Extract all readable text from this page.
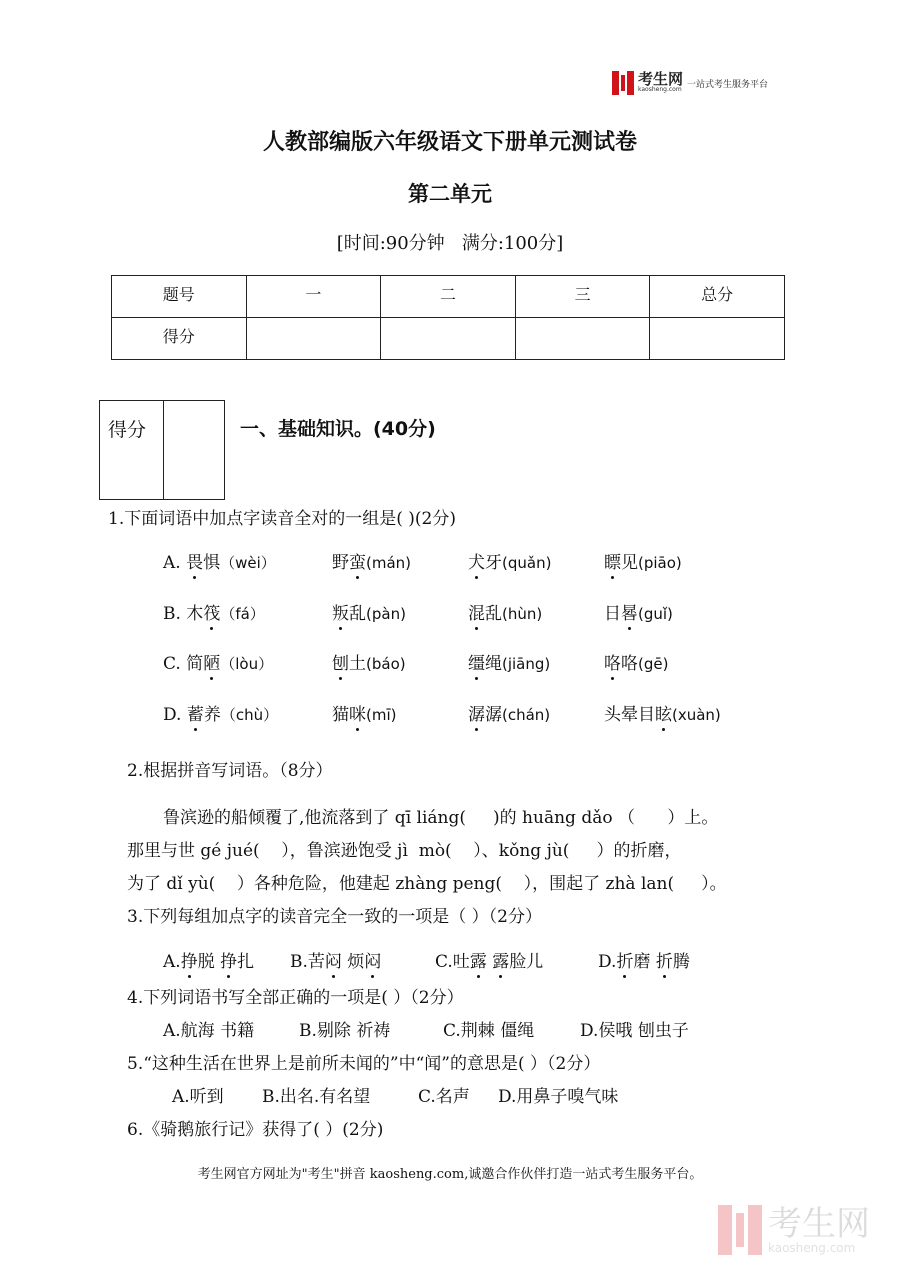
考生网
kaosheng.com 一站式考生服务平台
人教部编版六年级语文下册单元测试卷
第二单元
[时间:90分钟   满分:100分]
题号	一	二	三	总分
得分				
得分	一、基础知识。(40分)
1.下面词语中加点字读音全对的一组是( )(2分)
A. 畏惧（wèi）	野蛮(mán)	犬牙(quǎn)	瞟见(piāo)
B. 木筏（fá）	叛乱(pàn)	混乱(hùn)	日晷(guǐ)
C. 简陋（lòu）	刨土(báo)	缰绳(jiāng)	咯咯(gē)
D. 蓄养（chù）	猫咪(mī)	潺潺(chán)	头晕目眩(xuàn)
2.根据拼音写词语。（8分）
鲁滨逊的船倾覆了,他流落到了 qī liáng(     )的 huāng dǎo （      ）上。
那里与世 gé jué(    ），鲁滨逊饱受 jì  mò(    ）、kǒng jù(     ）的折磨，
为了 dǐ yù(    ）各种危险，他建起 zhàng peng(    ），围起了 zhà lan(     ）。
3.下列每组加点字的读音完全一致的一项是（ ）（2分）
A.挣脱 挣扎 B.苦闷 烦闷	C.吐露 露脸儿	D.折磨 折腾
4.下列词语书写全部正确的一项是( ）（2分）
A.航海 书籍	B.剔除 祈祷	C.荆棘 僵绳	D.侯哦 刨虫子
5.“这种生活在世界上是前所未闻的”中“闻”的意思是( ）（2分）
A.听到 B.出名.有名望	C.名声 D.用鼻子嗅气味
6.《骑鹅旅行记》获得了( ）(2分)
考生网官方网址为"考生"拼音 kaosheng.com,诚邀合作伙伴打造一站式考生服务平台。
考生网
kaosheng.com
